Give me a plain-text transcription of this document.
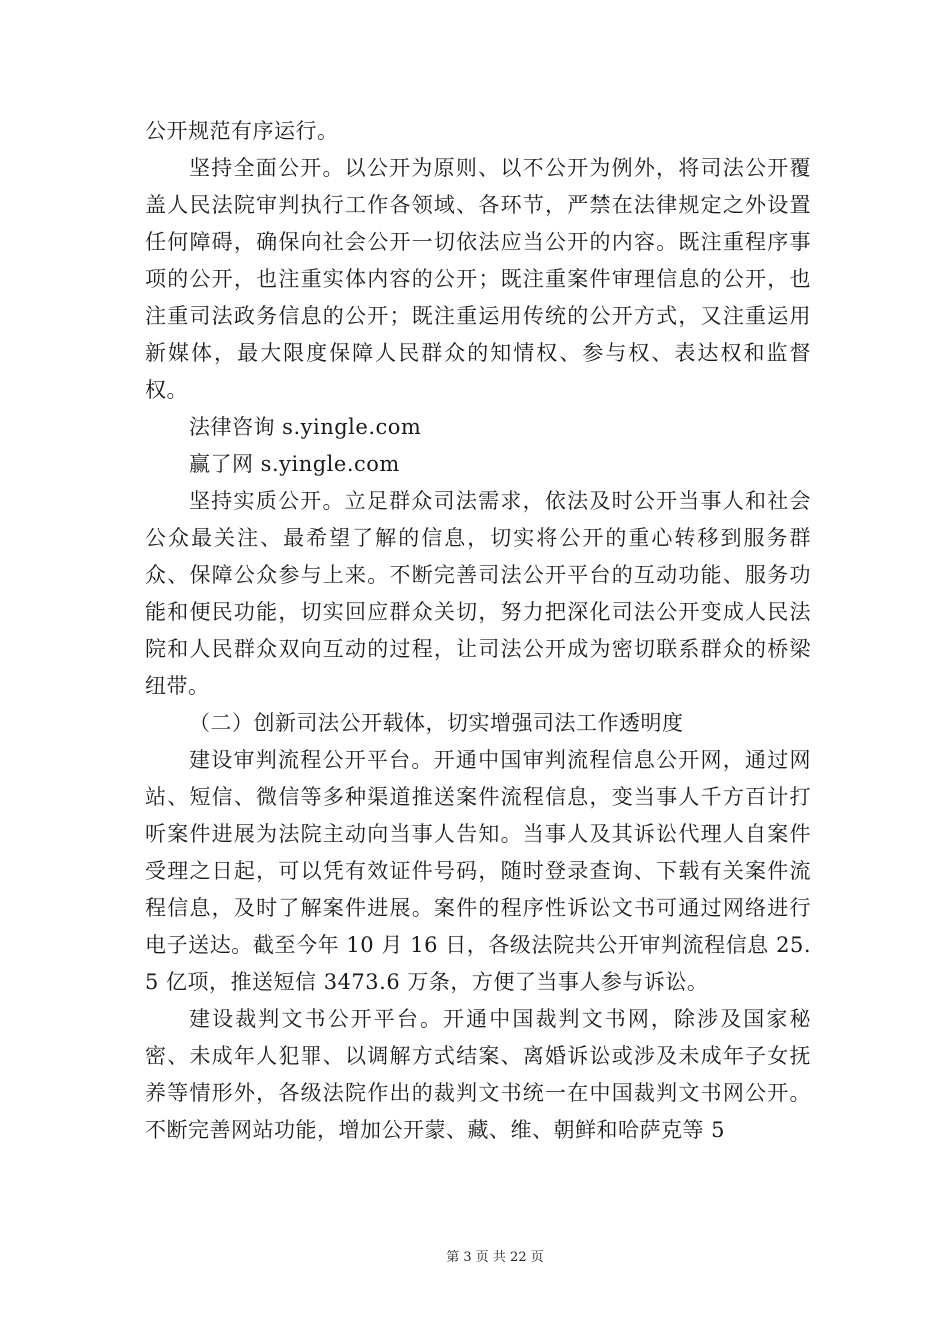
公开规范有序运行。

坚持全面公开。以公开为原则、以不公开为例外，将司法公开覆盖人民法院审判执行工作各领域、各环节，严禁在法律规定之外设置任何障碍，确保向社会公开一切依法应当公开的内容。既注重程序事项的公开，也注重实体内容的公开；既注重案件审理信息的公开，也注重司法政务信息的公开；既注重运用传统的公开方式，又注重运用新媒体，最大限度保障人民群众的知情权、参与权、表达权和监督权。

法律咨询 s.yingle.com

赢了网 s.yingle.com

坚持实质公开。立足群众司法需求，依法及时公开当事人和社会公众最关注、最希望了解的信息，切实将公开的重心转移到服务群众、保障公众参与上来。不断完善司法公开平台的互动功能、服务功能和便民功能，切实回应群众关切，努力把深化司法公开变成人民法院和人民群众双向互动的过程，让司法公开成为密切联系群众的桥梁纽带。

（二）创新司法公开载体，切实增强司法工作透明度

建设审判流程公开平台。开通中国审判流程信息公开网，通过网站、短信、微信等多种渠道推送案件流程信息，变当事人千方百计打听案件进展为法院主动向当事人告知。当事人及其诉讼代理人自案件受理之日起，可以凭有效证件号码，随时登录查询、下载有关案件流程信息，及时了解案件进展。案件的程序性诉讼文书可通过网络进行电子送达。截至今年 10 月 16 日，各级法院共公开审判流程信息 25.5 亿项，推送短信 3473.6 万条，方便了当事人参与诉讼。

建设裁判文书公开平台。开通中国裁判文书网，除涉及国家秘密、未成年人犯罪、以调解方式结案、离婚诉讼或涉及未成年子女抚养等情形外，各级法院作出的裁判文书统一在中国裁判文书网公开。不断完善网站功能，增加公开蒙、藏、维、朝鲜和哈萨克等 5

第 3 页 共 22 页
